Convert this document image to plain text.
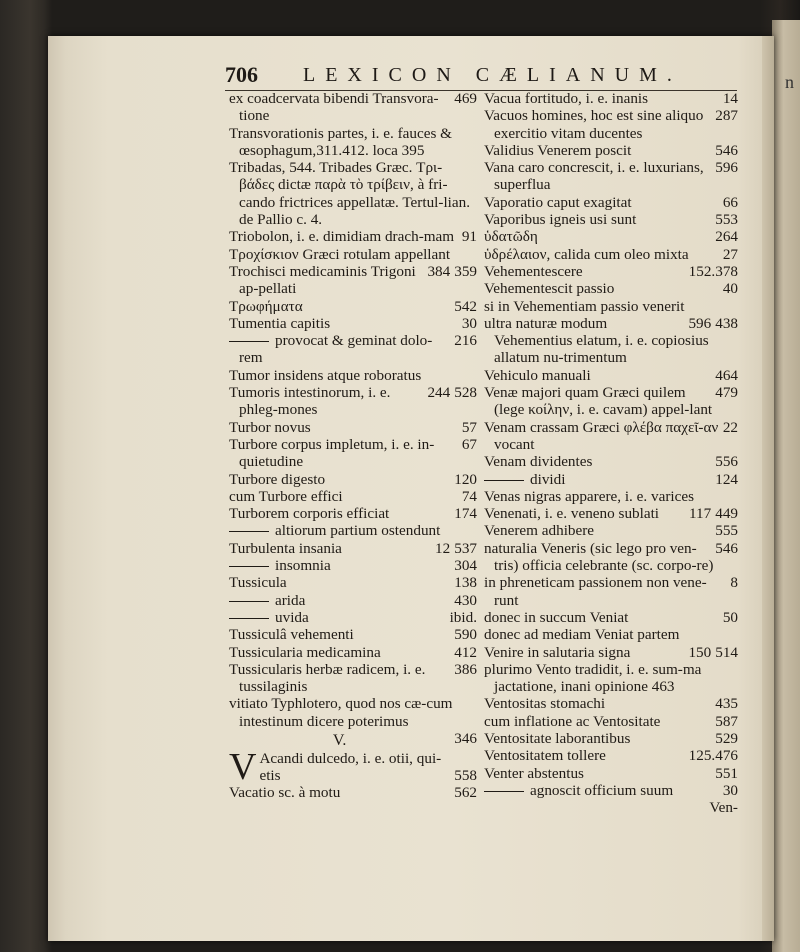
n
706 LEXICON CÆLIANUM.
469
ex coadcervata bibendi Transvora-tione
Transvorationis partes, i. e. fauces & œsophagum,311.412. loca 395
Tribadas, 544. Tribades Græc. Τρι-βάδες dictæ παρὰ τὸ τρίβειν, à fri-cando frictrices appellatæ. Tertul-lian. de Pallio c. 4.
91
Triobolon, i. e. dimidiam drach-mam
Τροχίσκιον Græci rotulam appellant
359
384
Trochisci medicaminis Trigoni ap-pellati
542
Τρωφήματα
30
Tumentia capitis
216
provocat & geminat dolo-rem
Tumor insidens atque roboratus
528
244
Tumoris intestinorum, i. e. phleg-mones
57
Turbor novus
67
Turbore corpus impletum, i. e. in-quietudine
120
Turbore digesto
74
cum Turbore effici
174
Turborem corporis efficiat
altiorum partium ostendunt
537
12
Turbulenta insania
304
insomnia
138
Tussicula
430
arida
ibid.
uvida
590
Tussiculâ vehementi
412
Tussicularia medicamina
386
Tussicularis herbæ radicem, i. e. tussilaginis
vitiato Typhlotero, quod nos cæ-cum intestinum dicere poterimus
346
V.
V	558
Acandi dulcedo, i. e. otii, qui-etis
562
Vacatio sc. à motu
14
Vacua fortitudo, i. e. inanis
287
Vacuos homines, hoc est sine aliquo exercitio vitam ducentes
546
Validius Venerem poscit
596
Vana caro concrescit, i. e. luxurians, superflua
66
Vaporatio caput exagitat
553
Vaporibus igneis usi sunt
264
ὑδατῶδη
27
ὑδρέλαιον, calida cum oleo mixta
152.378
Vehementescere
40
Vehementescit passio
si in Vehementiam passio venerit
438
596
ultra naturæ modum Vehementius elatum, i. e. copiosius allatum nu-trimentum
464
Vehiculo manuali
479
Venæ majori quam Græci quilem (lege κοίλην, i. e. cavam) appel-lant
22
Venam crassam Græci φλέβα παχεῖ-αν vocant
556
Venam dividentes
124
dividi
Venas nigras apparere, i. e. varices
449
117
Venenati, i. e. veneno sublati
555
Venerem adhibere
546
naturalia Veneris (sic lego pro ven-tris) officia celebrante (sc. corpo-re)
8
in phreneticam passionem non vene-runt
50
donec in succum Veniat
donec ad mediam Veniat partem
514
150
Venire in salutaria signa
plurimo Vento tradidit, i. e. sum-ma jactatione, inani opinione 463
435
Ventositas stomachi
587
cum inflatione ac Ventositate
529
Ventositate laborantibus
125.476
Ventositatem tollere
551
Venter abstentus
30
agnoscit officium suum
Ven-
